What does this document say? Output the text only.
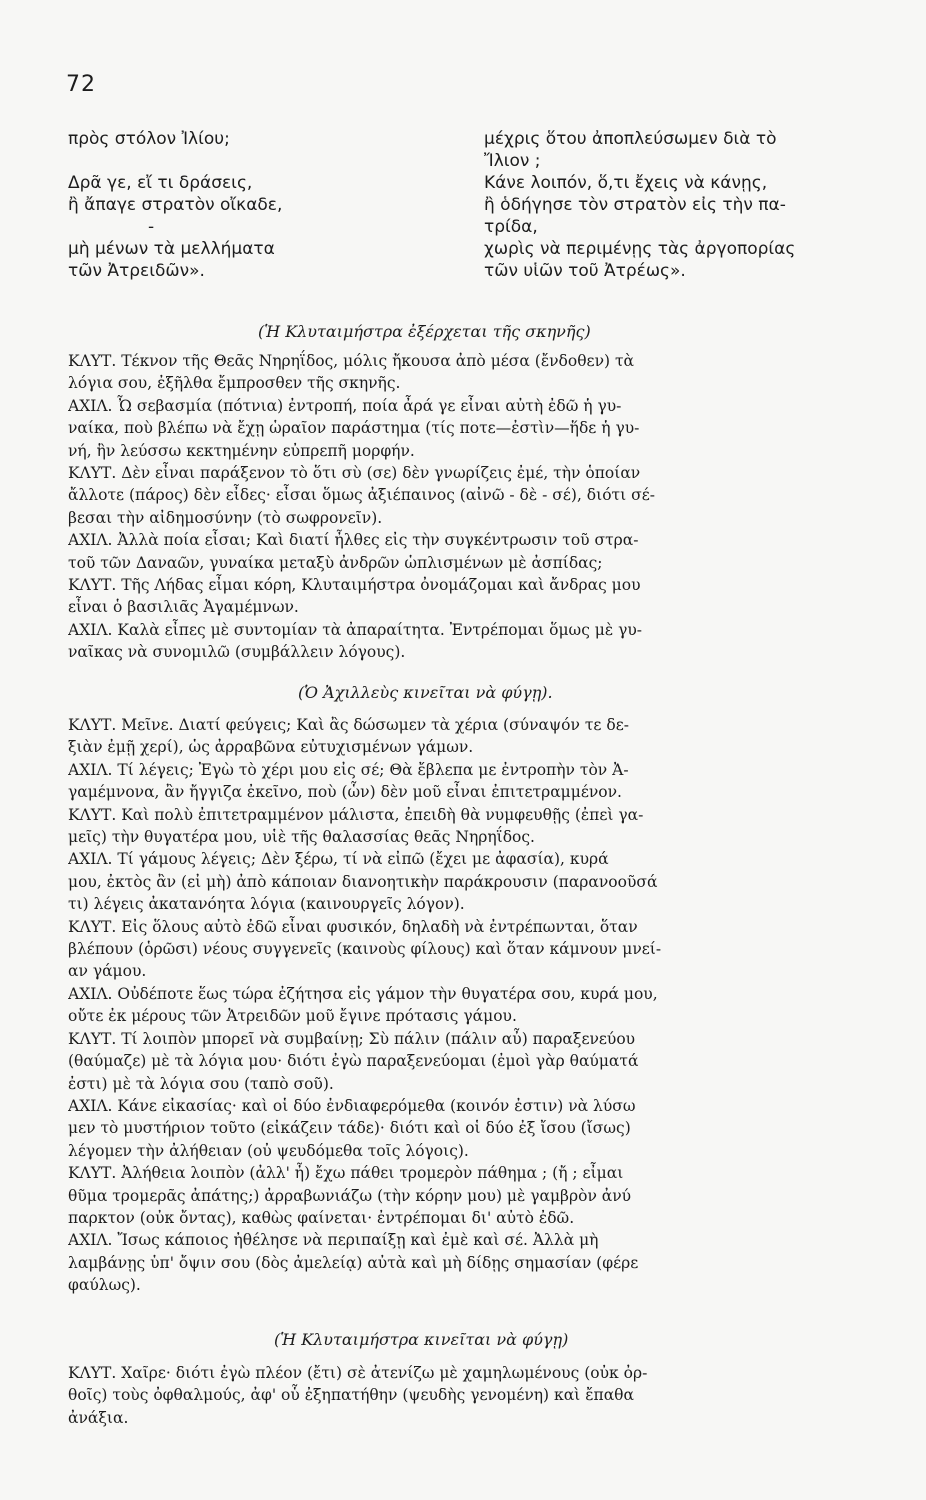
72
πρὸς στόλον Ἰλίου;
Δρᾶ γε, εἴ τι δράσεις,
ἢ ἄπαγε στρατὸν οἴκαδε,
-
μὴ μένων τὰ μελλήματα
τῶν Ἀτρειδῶν».
μέχρις ὅτου ἀποπλεύσωμεν διὰ τὸ
Ἴλιον ;
Κάνε λοιπόν, ὅ,τι ἔχεις νὰ κάνῃς,
ἢ ὁδήγησε τὸν στρατὸν εἰς τὴν πα-
τρίδα,
χωρὶς νὰ περιμένῃς τὰς ἀργοπορίας
τῶν υἱῶν τοῦ Ἀτρέως».
(Ἡ Κλυταιμήστρα ἐξέρχεται τῆς σκηνῆς)

ΚΛΥΤ. Τέκνον τῆς Θεᾶς Νηρηΐδος, μόλις ἤκουσα ἀπὸ μέσα (ἔνδοθεν) τὰ

λόγια σου, ἐξῆλθα ἔμπροσθεν τῆς σκηνῆς.

ΑΧΙΛ. Ὦ σεβασμία (πότνια) ἐντροπή, ποία ἆρά γε εἶναι αὐτὴ ἐδῶ ἡ γυ-

ναίκα, ποὺ βλέπω νὰ ἔχῃ ὡραῖον παράστημα (τίς ποτε—ἐστὶν—ἥδε ἡ γυ-

νή, ἣν λεύσσω κεκτημένην εὐπρεπῆ μορφήν.

ΚΛΥΤ. Δὲν εἶναι παράξενον τὸ ὅτι σὺ (σε) δὲν γνωρίζεις ἐμέ, τὴν ὁποίαν

ἄλλοτε (πάρος) δὲν εἶδες· εἶσαι ὅμως ἀξιέπαινος (αἰνῶ - δὲ - σέ), διότι σέ-

βεσαι τὴν αἰδημοσύνην (τὸ σωφρονεῖν).

ΑΧΙΛ. Ἀλλὰ ποία εἶσαι; Καὶ διατί ἦλθες εἰς τὴν συγκέντρωσιν τοῦ στρα-

τοῦ τῶν Δαναῶν, γυναίκα μεταξὺ ἀνδρῶν ὡπλισμένων μὲ ἀσπίδας;

ΚΛΥΤ. Τῆς Λήδας εἶμαι κόρη, Κλυταιμήστρα ὀνομάζομαι καὶ ἄνδρας μου

εἶναι ὁ βασιλιᾶς Ἀγαμέμνων.

ΑΧΙΛ. Καλὰ εἶπες μὲ συντομίαν τὰ ἀπαραίτητα. Ἐντρέπομαι ὅμως μὲ γυ-

ναῖκας νὰ συνομιλῶ (συμβάλλειν λόγους).

(Ὁ Ἀχιλλεὺς κινεῖται νὰ φύγῃ).

ΚΛΥΤ. Μεῖνε. Διατί φεύγεις; Καὶ ἂς δώσωμεν τὰ χέρια (σύναψόν τε δε-

ξιὰν ἐμῇ χερί), ὡς ἀρραβῶνα εὐτυχισμένων γάμων.

ΑΧΙΛ. Τί λέγεις; Ἐγὼ τὸ χέρι μου εἰς σέ; Θὰ ἔβλεπα με ἐντροπὴν τὸν Ἀ-

γαμέμνονα, ἂν ἤγγιζα ἐκεῖνο, ποὺ (ὧν) δὲν μοῦ εἶναι ἐπιτετραμμένον.

ΚΛΥΤ. Καὶ πολὺ ἐπιτετραμμένον μάλιστα, ἐπειδὴ θὰ νυμφευθῇς (ἐπεὶ γα-

μεῖς) τὴν θυγατέρα μου, υἱὲ τῆς θαλασσίας θεᾶς Νηρηΐδος.

ΑΧΙΛ. Τί γάμους λέγεις; Δὲν ξέρω, τί νὰ εἰπῶ (ἔχει με ἀφασία), κυρά

μου, ἐκτὸς ἂν (εἰ μὴ) ἀπὸ κάποιαν διανοητικὴν παράκρουσιν (παρανοοῦσά

τι) λέγεις ἀκατανόητα λόγια (καινουργεῖς λόγον).

ΚΛΥΤ. Εἰς ὅλους αὐτὸ ἐδῶ εἶναι φυσικόν, δηλαδὴ νὰ ἐντρέπωνται, ὅταν

βλέπουν (ὁρῶσι) νέους συγγενεῖς (καινοὺς φίλους) καὶ ὅταν κάμνουν μνεί-

αν γάμου.

ΑΧΙΛ. Οὐδέποτε ἕως τώρα ἐζήτησα εἰς γάμον τὴν θυγατέρα σου, κυρά μου,

οὔτε ἐκ μέρους τῶν Ἀτρειδῶν μοῦ ἔγινε πρότασις γάμου.

ΚΛΥΤ. Τί λοιπὸν μπορεῖ νὰ συμβαίνῃ; Σὺ πάλιν (πάλιν αὖ) παραξενεύου

(θαύμαζε) μὲ τὰ λόγια μου· διότι ἐγὼ παραξενεύομαι (ἐμοὶ γὰρ θαύματά

ἐστι) μὲ τὰ λόγια σου (ταπὸ σοῦ).

ΑΧΙΛ. Κάνε εἰκασίας· καὶ οἱ δύο ἐνδιαφερόμεθα (κοινόν ἐστιν) νὰ λύσω

μεν τὸ μυστήριον τοῦτο (εἰκάζειν τάδε)· διότι καὶ οἱ δύο ἐξ ἴσου (ἴσως)

λέγομεν τὴν ἀλήθειαν (οὐ ψευδόμεθα τοῖς λόγοις).

ΚΛΥΤ. Ἀλήθεια λοιπὸν (ἀλλ' ἦ) ἔχω πάθει τρομερὸν πάθημα ; (ἤ ; εἶμαι

θῦμα τρομερᾶς ἀπάτης;) ἀρραβωνιάζω (τὴν κόρην μου) μὲ γαμβρὸν ἀνύ

παρκτον (οὐκ ὄντας), καθὼς φαίνεται· ἐντρέπομαι δι' αὐτὸ ἐδῶ.

ΑΧΙΛ. Ἴσως κάποιος ἠθέλησε νὰ περιπαίξῃ καὶ ἐμὲ καὶ σέ. Ἀλλὰ μὴ

λαμβάνῃς ὑπ' ὄψιν σου (δὸς ἀμελείᾳ) αὐτὰ καὶ μὴ δίδῃς σημασίαν (φέρε

φαύλως).

(Ἡ Κλυταιμήστρα κινεῖται νὰ φύγῃ)

ΚΛΥΤ. Χαῖρε· διότι ἐγὼ πλέον (ἔτι) σὲ ἀτενίζω μὲ χαμηλωμένους (οὐκ ὀρ-

θοῖς) τοὺς ὀφθαλμούς, ἀφ' οὗ ἐξηπατήθην (ψευδὴς γενομένη) καὶ ἔπαθα

ἀνάξια.
